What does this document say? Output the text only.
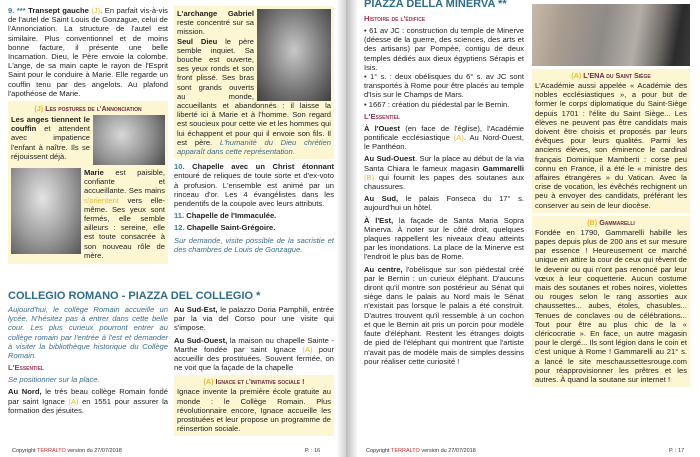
9. *** Transept gauche (J). En parfait vis-à-vis de l'autel de Saint Louis de Gonzague, celui de l'Annonciation. La structure de l'autel est similaire. Plus conventionnel et de moins bonne facture, il présente une belle Incarnation. Dieu, le Père envoie la colombe. L'ange, de sa main capte le rayon de l'Esprit Saint pour le conduire à Marie. Elle regarde un couffin tenu par des angelots. Au plafond l'apothéose de Marie.
(J) Les postures de l'Annonciation
Les anges tiennent le couffin et attendent avec impatience l'enfant à naître. Ils se réjouissent déjà.
Marie est paisible, confiante et accueillante. Ses mains s'orientent vers elle-même. Ses yeux sont fermés, elle semble ailleurs : sereine, elle est toute consacrée à son nouveau rôle de mère.
L'archange Gabriel reste concentré sur sa mission.
Seul Dieu le père semble inquiet. Sa bouche est ouverte, ses yeux ronds et son front plissé. Ses bras sont grands ouverts au monde, accueillants et abandonnés : il laisse la liberté ici à Marie et à l'homme. Son regard est soucieux pour cette vie et les hommes qui lui échappent et pour qui il envoie son fils. Il est père. L'humanité du Dieu chrétien apparaît dans cette représentation.
10. Chapelle avec un Christ étonnant entouré de reliques de toute sorte et d'ex-voto à profusion. L'ensemble est animé par un rinceau d'or. Les 4 évangélistes dans les pendentifs de la coupole avec leurs attributs.
11. Chapelle de l'Immaculée.
12. Chapelle Saint-Grégoire.
Sur demande, visite possible de la sacristie et des chambres de Louis de Gonzague.
COLLEGIO ROMANO - PIAZZA DEL COLLEGIO *
Aujourd'hui, le collège Romain accueille un lycée. N'hésitez pas à entrer dans cette belle cour. Les plus curieux pourront entrer au collège romain par l'entrée à l'est et demander à visiter la bibliothèque historique du Collège Romain.
L'Essentiel
Se positionner sur la place.
Au Nord, le très beau collège Romain fondé par saint Ignace (A) en 1551 pour assurer la formation des jésuites.
Au Sud-Est, le palazzo Doria Pamphili, entrée par la via del Corso pour une visite qui s'impose.
Au Sud-Ouest, la maison ou chapelle Sainte -Marthe fondée par saint Ignace (A) pour accueillir des prostituées. Souvent fermée, on ne voit que la façade de la chapelle
(A) Ignace et l'initiative sociale !
Ignace invente la première école gratuite au monde : le Collège Romain. Plus révolutionnaire encore, Ignace accueille les prostituées et leur propose un programme de réinsertion sociale.
Copyright TERRALTO version du 27/07/2018	P. : 16
PIAZZA DELLA MINERVA **
Histoire de l'édifice
• 61 av JC : construction du temple de Minerve (déesse de la guerre, des sciences, des arts et des artisans) par Pompée, contigu de deux temples dédiés aux dieux égyptiens Sérapis et Isis.
• 1° s. : deux obélisques du 6° s. av JC sont transportés à Rome pour être placés au temple d'Isis sur le Champs de Mars.
• 1667 : création du piédestal par le Bernin.
L'Essentiel
À l'Ouest (en face de l'église), l'Académie pontificale ecclésiastique (A). Au Nord-Ouest, le Panthéon.
Au Sud-Ouest. Sur la place au début de la via Santa Chiara le fameux magasin Gammarelli (B) qui fournit les papes des soutanes aux chaussures.
Au Sud, le palais Fonseca du 17° s. aujourd'hui un hôtel.
À l'Est, la façade de Santa Maria Sopra Minerva. À noter sur le côté droit, quelques plaques rappellent les niveaux d'eau atteints par les inondations. La place de la Minerve est l'endroit le plus bas de Rome.
Au centre, l'obélisque sur son piédestal créé par le Bernin : un curieux éléphant. D'aucuns diront qu'il montre son postérieur au Sénat qui siège dans le palais au Nord mais le Sénat n'existait pas lorsque le palais a été construit. D'autres trouvent qu'il ressemble à un cochon et que le Bernin ait pris un porcin pour modèle faute d'éléphant. Restent les étranges doigts de pied de l'éléphant qui montrent que l'artiste n'avait pas de modèle mais de simples dessins pour réaliser cette curiosité !
(A) L'ENA du Saint Siège
L'Académie aussi appelée « Académie des nobles ecclésiastiques », a pour but de former le corps diplomatique du Saint-Siège depuis 1701 : l'élite du Saint Siège... Les élèves ne peuvent pas être candidats mais doivent être choisis et proposés par leurs évêques pour leurs qualités. Parmi les anciens élèves, son éminence le cardinal français Dominique Mamberti : corse peu connu en France, il a été le « ministre des affaires étrangères » du Vatican. Avec la crise de vocation, les évêchés rechignent un peu à envoyer des candidats, préférant les conserver au sein de leur diocèse.
(B) Gammarelli
Fondée en 1790, Gammarelli habille les papes depuis plus de 200 ans et sur mesure par essence ! Heureusement ce marché unique en attire la cour de ceux qui rêvent de le devenir ou qui n'ont pas renoncé par leur vœux à leur coquetterie. Aucun costume mais des soutanes et robes noires, violettes ou rouges selon le rang assorties aux chaussettes... aubes, étoles, chasubles... Tenues de conclaves ou de célébrations... Tout pour être au plus chic de la « cléricocratie ». En face, un autre magasin pour le clergé... Ils sont légion dans le coin et c'est unique à Rome ! Gammarelli au 21° s. a lancé le site meschaussettesrouge.com pour réapprovisionner les prêtres et les autres. À quand la soutane sur internet !
Copyright TERRALTO version du 27/07/2018	P. : 17
